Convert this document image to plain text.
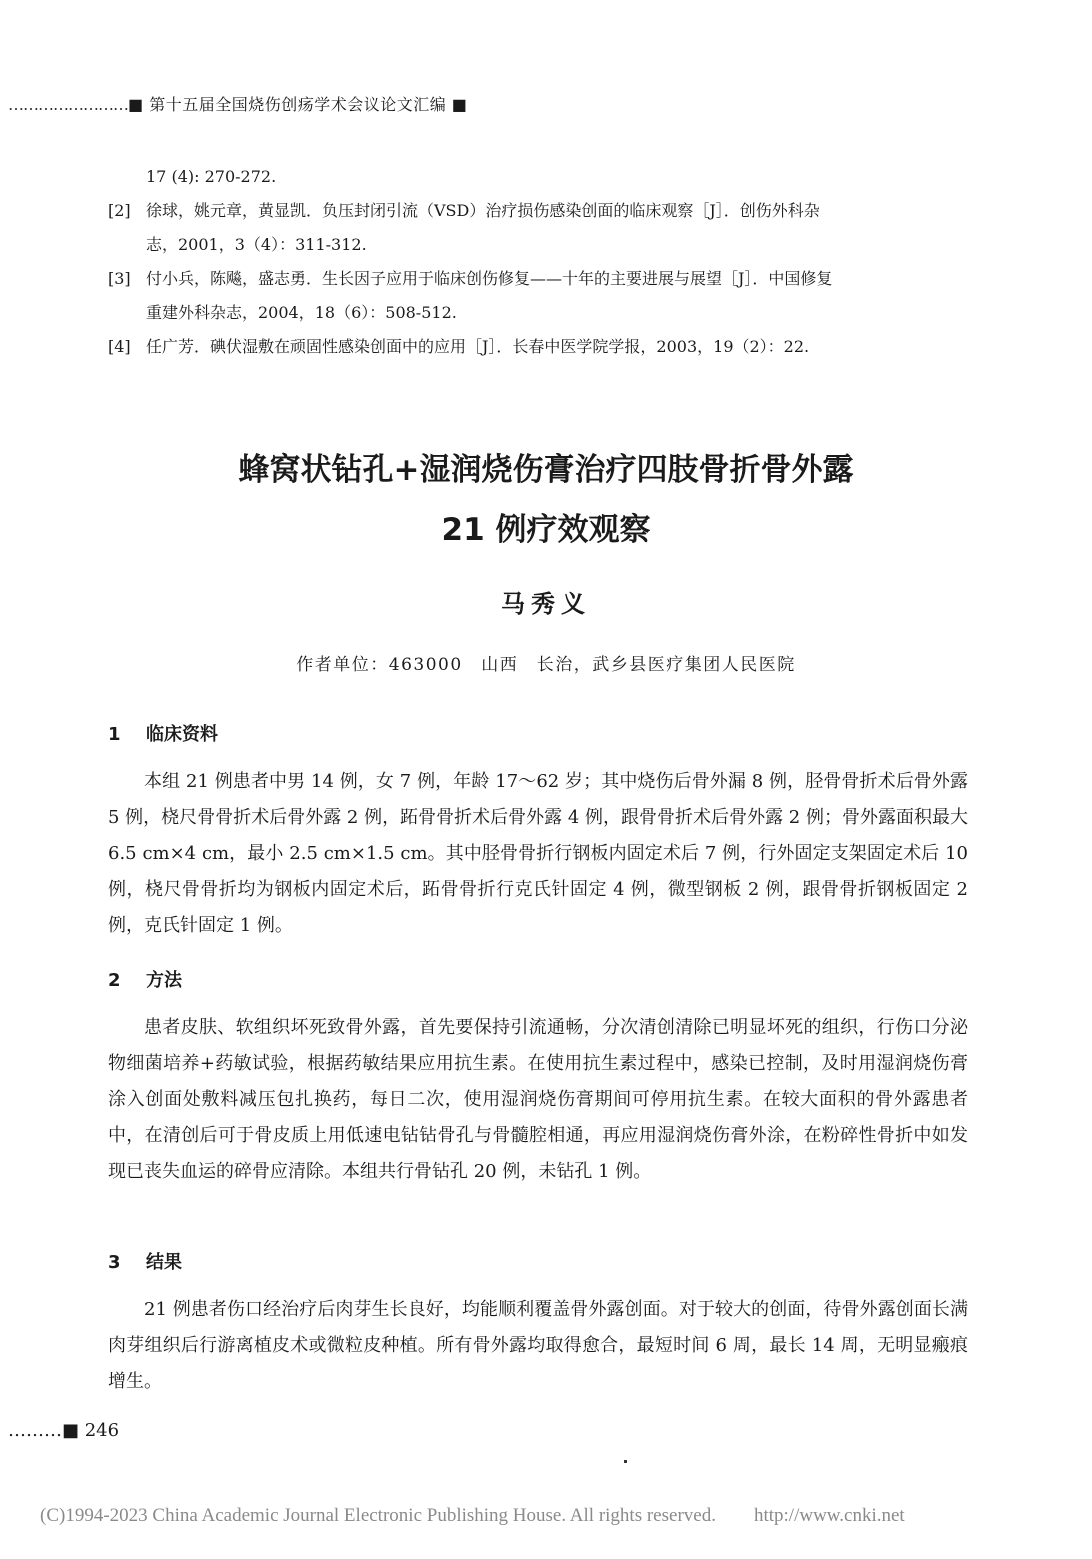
……………………■ 第十五届全国烧伤创疡学术会议论文汇编 ■
17 (4): 270-272.
[2] 徐球，姚元章，黄显凯．负压封闭引流（VSD）治疗损伤感染创面的临床观察［J］．创伤外科杂
志，2001，3（4）：311-312.
[3] 付小兵，陈飚，盛志勇．生长因子应用于临床创伤修复——十年的主要进展与展望［J］．中国修复
重建外科杂志，2004，18（6）：508-512.
[4] 任广芳．碘伏湿敷在顽固性感染创面中的应用［J］．长春中医学院学报，2003，19（2）：22.
蜂窝状钻孔+湿润烧伤膏治疗四肢骨折骨外露
21 例疗效观察
马秀义
作者单位：463000　山西　长治，武乡县医疗集团人民医院
1 临床资料
本组 21 例患者中男 14 例，女 7 例，年龄 17～62 岁；其中烧伤后骨外漏 8 例，胫骨骨折术后骨外露 5 例，桡尺骨骨折术后骨外露 2 例，跖骨骨折术后骨外露 4 例，跟骨骨折术后骨外露 2 例；骨外露面积最大 6.5 cm×4 cm，最小 2.5 cm×1.5 cm。其中胫骨骨折行钢板内固定术后 7 例，行外固定支架固定术后 10 例，桡尺骨骨折均为钢板内固定术后，跖骨骨折行克氏针固定 4 例，微型钢板 2 例，跟骨骨折钢板固定 2 例，克氏针固定 1 例。
2 方法
患者皮肤、软组织坏死致骨外露，首先要保持引流通畅，分次清创清除已明显坏死的组织，行伤口分泌物细菌培养+药敏试验，根据药敏结果应用抗生素。在使用抗生素过程中，感染已控制，及时用湿润烧伤膏涂入创面处敷料减压包扎换药，每日二次，使用湿润烧伤膏期间可停用抗生素。在较大面积的骨外露患者中，在清创后可于骨皮质上用低速电钻钻骨孔与骨髓腔相通，再应用湿润烧伤膏外涂，在粉碎性骨折中如发现已丧失血运的碎骨应清除。本组共行骨钻孔 20 例，未钻孔 1 例。
3 结果
21 例患者伤口经治疗后肉芽生长良好，均能顺利覆盖骨外露创面。对于较大的创面，待骨外露创面长满肉芽组织后行游离植皮术或微粒皮种植。所有骨外露均取得愈合，最短时间 6 周，最长 14 周，无明显瘢痕增生。
………■ 246
(C)1994-2023 China Academic Journal Electronic Publishing House. All rights reserved.　　http://www.cnki.net
